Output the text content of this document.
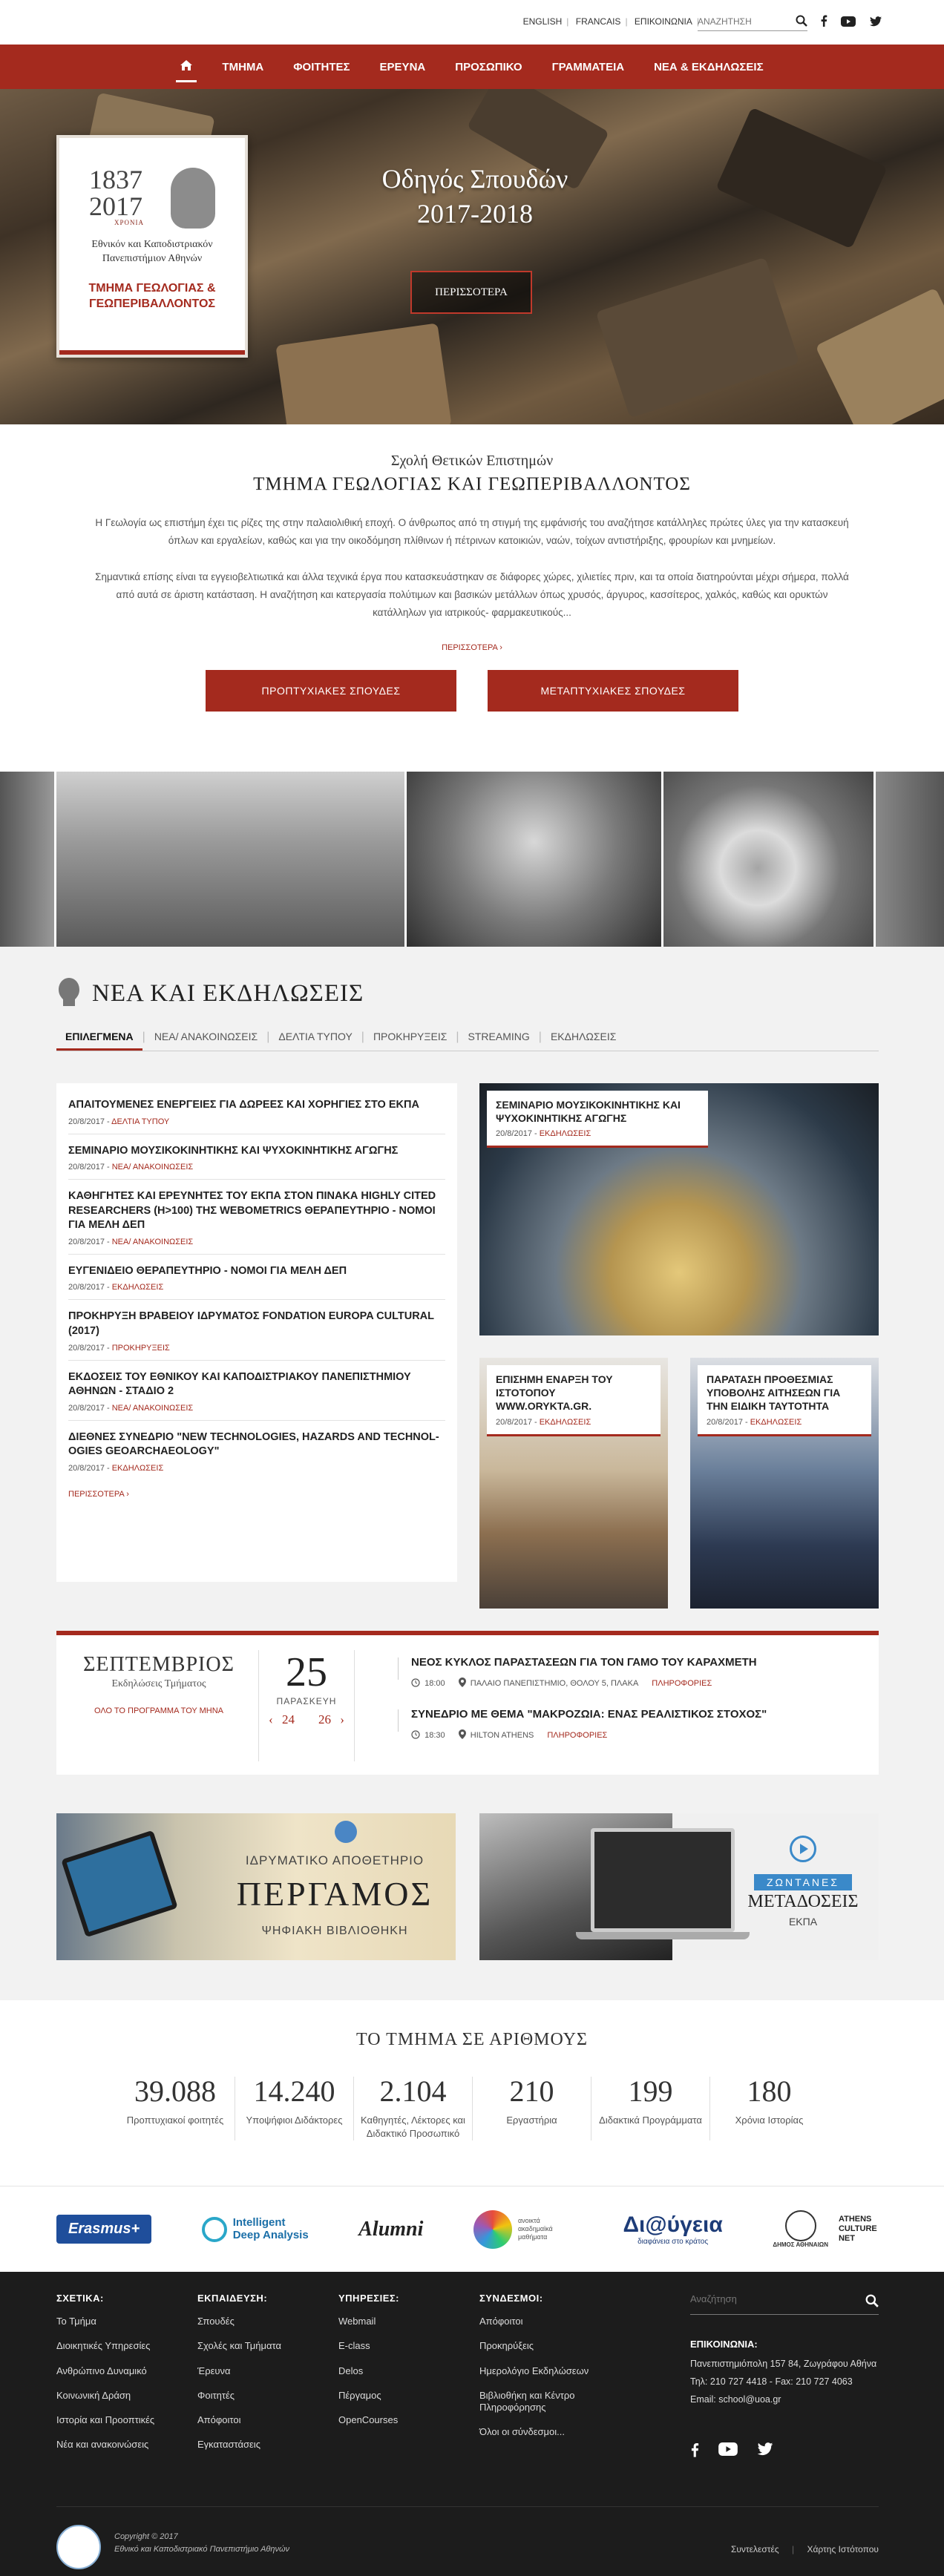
ENGLISH | FRANCAIS | ΕΠΙΚΟΙΝΩΝΙΑ |
ΑΝΑΖΗΤΗΣΗ

ΤΜΗΜΑ	ΦΟΙΤΗΤΕΣ	ΕΡΕΥΝΑ	ΠΡΟΣΩΠΙΚΟ	ΓΡΑΜΜΑΤΕΙΑ	ΝΕΑ & ΕΚΔΗΛΩΣΕΙΣ
1837
2017
ΧΡΟΝΙΑ
Εθνικόν και Καποδιστριακόν Πανεπιστήμιον Αθηνών
ΤΜΗΜΑ ΓΕΩΛΟΓΙΑΣ & ΓΕΩΠΕΡΙΒΑΛΛΟΝΤΟΣ
Οδηγός Σπουδών
2017-2018
ΠΕΡΙΣΣΟΤΕΡΑ
Σχολή Θετικών Επιστημών
ΤΜΗΜΑ ΓΕΩΛΟΓΙΑΣ ΚΑΙ ΓΕΩΠΕΡΙΒΑΛΛΟΝΤΟΣ

Η Γεωλογία ως επιστήμη έχει τις ρίζες της στην παλαιολιθική εποχή. Ο άνθρωπος από τη στιγμή της εμφάνισής του αναζήτησε κατάλληλες πρώτες ύλες για την κατασκευή όπλων και εργαλείων, καθώς και για την οικοδόμηση πλίθινων ή πέτρινων κατοικιών, ναών, τοίχων αντιστήριξης, φρουρίων και μνημείων.

Σημαντικά επίσης είναι τα εγγειοβελτιωτικά και άλλα τεχνικά έργα που κατασκευάστηκαν σε διάφορες χώρες, χιλιετίες πριν, και τα οποία διατηρούνται μέχρι σήμερα, πολλά από αυτά σε άριστη κατάσταση. Η αναζήτηση και κατεργασία πολύτιμων και βασικών μετάλλων όπως χρυσός, άργυρος, κασσίτερος, χαλκός, καθώς και ορυκτών κατάλληλων για ιατρικούς- φαρμακευτικούς...

ΠΕΡΙΣΣΟΤΕΡΑ ›
ΠΡΟΠΤΥΧΙΑΚΕΣ ΣΠΟΥΔΕΣ	ΜΕΤΑΠΤΥΧΙΑΚΕΣ ΣΠΟΥΔΕΣ
ΝΕΑ ΚΑΙ ΕΚΔΗΛΩΣΕΙΣ
ΕΠΙΛΕΓΜΕΝΑ | ΝΕΑ/ ΑΝΑΚΟΙΝΩΣΕΙΣ | ΔΕΛΤΙΑ ΤΥΠΟΥ | ΠΡΟΚΗΡΥΞΕΙΣ | STREAMING | ΕΚΔΗΛΩΣΕΙΣ
ΑΠΑΙΤΟΥΜΕΝΕΣ ΕΝΕΡΓΕΙΕΣ ΓΙΑ ΔΩΡΕΕΣ ΚΑΙ ΧΟΡΗΓΙΕΣ ΣΤΟ ΕΚΠΑ
20/8/2017 - ΔΕΛΤΙΑ ΤΥΠΟΥ
ΣΕΜΙΝΑΡΙΟ ΜΟΥΣΙΚΟΚΙΝΗΤΙΚΗΣ ΚΑΙ ΨΥΧΟΚΙΝΗΤΙΚΗΣ ΑΓΩΓΗΣ
20/8/2017 - ΝΕΑ/ ΑΝΑΚΟΙΝΩΣΕΙΣ
ΚΑΘΗΓΗΤΕΣ ΚΑΙ ΕΡΕΥΝΗΤΕΣ ΤΟΥ ΕΚΠΑ ΣΤΟΝ ΠΙΝΑΚΑ HIGHLY CITED RESEARCHERS (H>100) ΤΗΣ WEBOMETRICS ΘΕΡΑΠΕΥΤΗΡΙΟ - ΝΟΜΟΙ ΓΙΑ ΜΕΛΗ ΔΕΠ
20/8/2017 - ΝΕΑ/ ΑΝΑΚΟΙΝΩΣΕΙΣ
ΕΥΓΕΝΙΔΕΙΟ ΘΕΡΑΠΕΥΤΗΡΙΟ - ΝΟΜΟΙ ΓΙΑ ΜΕΛΗ ΔΕΠ
20/8/2017 - ΕΚΔΗΛΩΣΕΙΣ
ΠΡΟΚΗΡΥΞΗ ΒΡΑΒΕΙΟΥ ΙΔΡΥΜΑΤΟΣ FONDATION EUROPA CULTURAL (2017)
20/8/2017 - ΠΡΟΚΗΡΥΞΕΙΣ
ΕΚΔΟΣΕΙΣ ΤΟΥ ΕΘΝΙΚΟΥ ΚΑΙ ΚΑΠΟΔΙΣΤΡΙΑΚΟΥ ΠΑΝΕΠΙΣΤΗΜΙΟΥ ΑΘΗΝΩΝ - ΣΤΑΔΙΟ 2
20/8/2017 - ΝΕΑ/ ΑΝΑΚΟΙΝΩΣΕΙΣ
ΔΙΕΘΝΕΣ ΣΥΝΕΔΡΙΟ "NEW TECHNOLOGIES, HAZARDS AND TECHNOL-OGIES GEOARCHAEOLOGY"
20/8/2017 - ΕΚΔΗΛΩΣΕΙΣ
ΠΕΡΙΣΣΟΤΕΡΑ ›
ΣΕΜΙΝΑΡΙΟ ΜΟΥΣΙΚΟΚΙΝΗΤΙΚΗΣ ΚΑΙ ΨΥΧΟΚΙΝΗΤΙΚΗΣ ΑΓΩΓΗΣ
20/8/2017 - ΕΚΔΗΛΩΣΕΙΣ
ΕΠΙΣΗΜΗ ΕΝΑΡΞΗ ΤΟΥ ΙΣΤΟΤΟΠΟΥ WWW.ORYKTA.GR.
20/8/2017 - ΕΚΔΗΛΩΣΕΙΣ
ΠΑΡΑΤΑΣΗ ΠΡΟΘΕΣΜΙΑΣ ΥΠΟΒΟΛΗΣ ΑΙΤΗΣΕΩΝ ΓΙΑ ΤΗΝ ΕΙΔΙΚΗ ΤΑΥΤΟΤΗΤΑ
20/8/2017 - ΕΚΔΗΛΩΣΕΙΣ
ΣΕΠΤΕΜΒΡΙΟΣ
Εκδηλώσεις Τμήματος
ΟΛΟ ΤΟ ΠΡΟΓΡΑΜΜΑ ΤΟΥ ΜΗΝΑ
25
ΠΑΡΑΣΚΕΥΗ
‹ 24 26 ›
ΝΕΟΣ ΚΥΚΛΟΣ ΠΑΡΑΣΤΑΣΕΩΝ ΓΙΑ ΤΟΝ ΓΑΜΟ ΤΟΥ ΚΑΡΑΧΜΕΤΗ

18:00
	ΠΑΛΑΙΟ ΠΑΝΕΠΙΣΤΗΜΙΟ, ΘΟΛΟΥ 5, ΠΛΑΚΑ ΠΛΗΡΟΦΟΡΙΕΣ
ΣΥΝΕΔΡΙΟ ΜΕ ΘΕΜΑ "ΜΑΚΡΟΖΩΙΑ: ΕΝΑΣ ΡΕΑΛΙΣΤΙΚΟΣ ΣΤΟΧΟΣ"

18:30
	HILTON ATHENS ΠΛΗΡΟΦΟΡΙΕΣ
ΙΔΡΥΜΑΤΙΚΟ ΑΠΟΘΕΤΗΡΙΟ
ΠΕΡΓΑΜΟΣ
ΨΗΦΙΑΚΗ ΒΙΒΛΙΟΘΗΚΗ
ΖΩΝΤΑΝΕΣ
ΜΕΤΑΔΟΣΕΙΣ
ΕΚΠΑ
ΤΟ ΤΜΗΜΑ ΣΕ ΑΡΙΘΜΟΥΣ
39.088
Προπτυχιακοί φοιτητές
14.240
Υποψήφιοι Διδάκτορες
2.104
Καθηγητές, Λέκτορες και Διδακτικό Προσωπικό
210
Εργαστήρια
199
Διδακτικά Προγράμματα
180
Χρόνια Ιστορίας
Erasmus+	Intelligent
Deep Analysis Alumni	ανοικτά ακαδημαϊκά μαθήματα	Δι@ύγεια
διαφάνεια στο κράτος	ΔΗΜΟΣ ΑΘΗΝΑΙΩΝ
ATHENS CULTURE NET
ΣΧΕΤΙΚΑ:
Το Τμήμα
Διοικητικές Υπηρεσίες
Ανθρώπινο Δυναμικό
Κοινωνική Δράση
Ιστορία και Προοπτικές
Νέα και ανακοινώσεις
ΕΚΠΑΙΔΕΥΣΗ:
Σπουδές
Σχολές και Τμήματα
Έρευνα
Φοιτητές
Απόφοιτοι
Εγκαταστάσεις
ΥΠΗΡΕΣΙΕΣ:
Webmail
E-class
Delos
Πέργαμος
OpenCourses
ΣΥΝΔΕΣΜΟΙ:
Απόφοιτοι
Προκηρύξεις
Ημερολόγιο Εκδηλώσεων
Βιβλιοθήκη και Κέντρο Πληροφόρησης
Όλοι οι σύνδεσμοι...
Αναζήτηση
ΕΠΙΚΟΙΝΩΝΙΑ:
Πανεπιστημιόπολη 157 84, Ζωγράφου Αθήνα
Τηλ: 210 727 4418 - Fax: 210 727 4063
Email: school@uoa.gr
Copyright © 2017
Εθνικό και Καποδιστριακό Πανεπιστήμιο Αθηνών	Συντελεστές | Χάρτης Ιστότοπου
